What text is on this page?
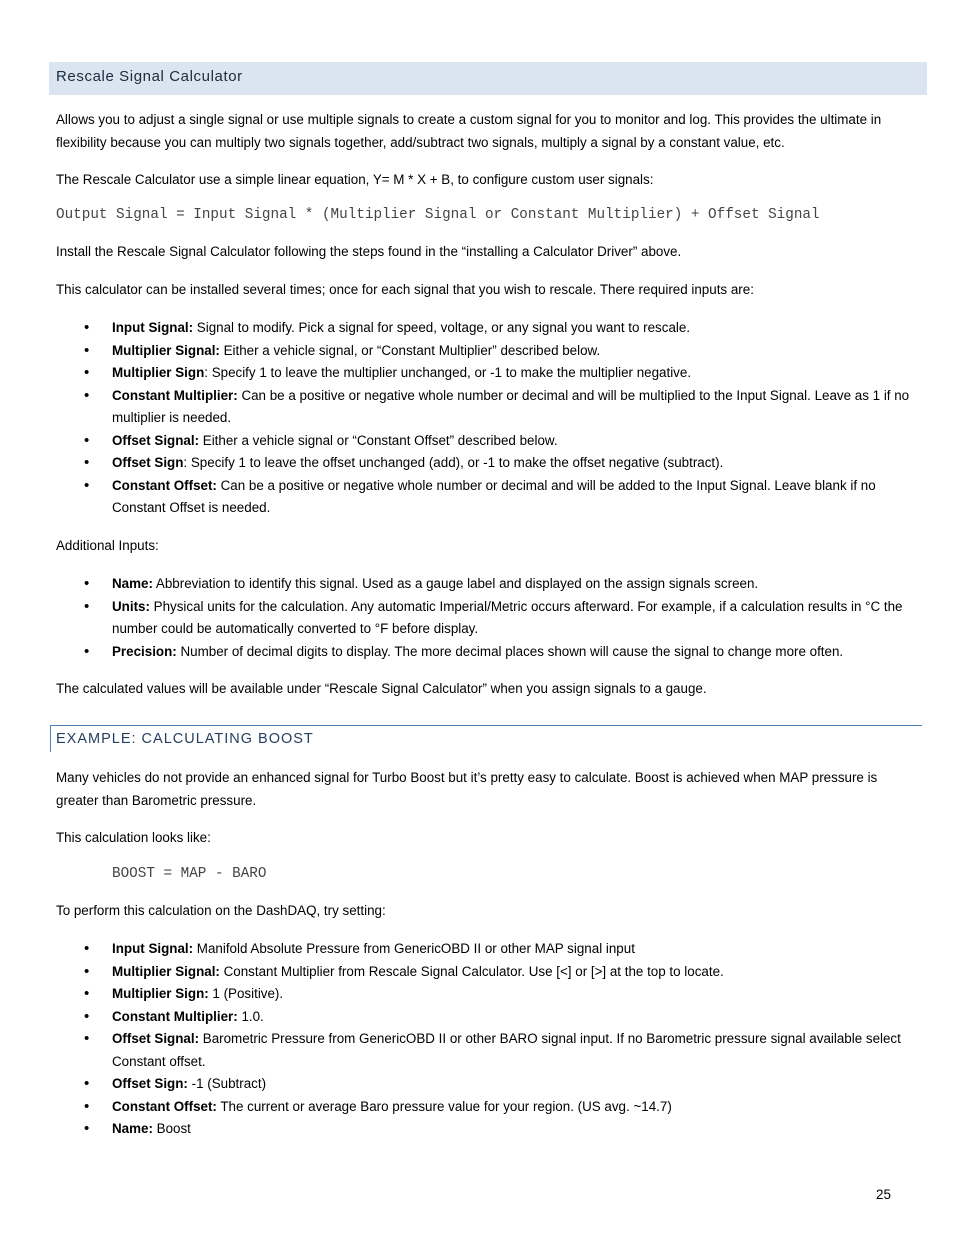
Rescale Signal Calculator

Allows you to adjust a single signal or use multiple signals to create a custom signal for you to monitor and log. This provides the ultimate in flexibility because you can multiply two signals together, add/subtract two signals, multiply a signal by a constant value, etc.

The Rescale Calculator use a simple linear equation, Y= M * X + B, to configure custom user signals:

Output Signal = Input Signal * (Multiplier Signal or Constant Multiplier) + Offset Signal

Install the Rescale Signal Calculator following the steps found in the “installing a Calculator Driver” above.

This calculator can be installed several times; once for each signal that you wish to rescale. There required inputs are:

• Input Signal: Signal to modify. Pick a signal for speed, voltage, or any signal you want to rescale.
• Multiplier Signal: Either a vehicle signal, or “Constant Multiplier” described below.
• Multiplier Sign: Specify 1 to leave the multiplier unchanged, or -1 to make the multiplier negative.
• Constant Multiplier: Can be a positive or negative whole number or decimal and will be multiplied to the Input Signal. Leave as 1 if no multiplier is needed.
• Offset Signal: Either a vehicle signal or “Constant Offset” described below.
• Offset Sign: Specify 1 to leave the offset unchanged (add), or -1 to make the offset negative (subtract).
• Constant Offset: Can be a positive or negative whole number or decimal and will be added to the Input Signal. Leave blank if no Constant Offset is needed.

Additional Inputs:

• Name: Abbreviation to identify this signal. Used as a gauge label and displayed on the assign signals screen.
• Units: Physical units for the calculation. Any automatic Imperial/Metric occurs afterward. For example, if a calculation results in °C the number could be automatically converted to °F before display.
• Precision: Number of decimal digits to display. The more decimal places shown will cause the signal to change more often.

The calculated values will be available under “Rescale Signal Calculator” when you assign signals to a gauge.

EXAMPLE: CALCULATING BOOST

Many vehicles do not provide an enhanced signal for Turbo Boost but it’s pretty easy to calculate. Boost is achieved when MAP pressure is greater than Barometric pressure.

This calculation looks like:

BOOST = MAP - BARO

To perform this calculation on the DashDAQ, try setting:

• Input Signal: Manifold Absolute Pressure from GenericOBD II or other MAP signal input
• Multiplier Signal: Constant Multiplier from Rescale Signal Calculator. Use [<] or [>] at the top to locate.
• Multiplier Sign: 1 (Positive).
• Constant Multiplier: 1.0.
• Offset Signal: Barometric Pressure from GenericOBD II or other BARO signal input. If no Barometric pressure signal available select Constant offset.
• Offset Sign: -1 (Subtract)
• Constant Offset: The current or average Baro pressure value for your region. (US avg. ~14.7)
• Name: Boost
25
